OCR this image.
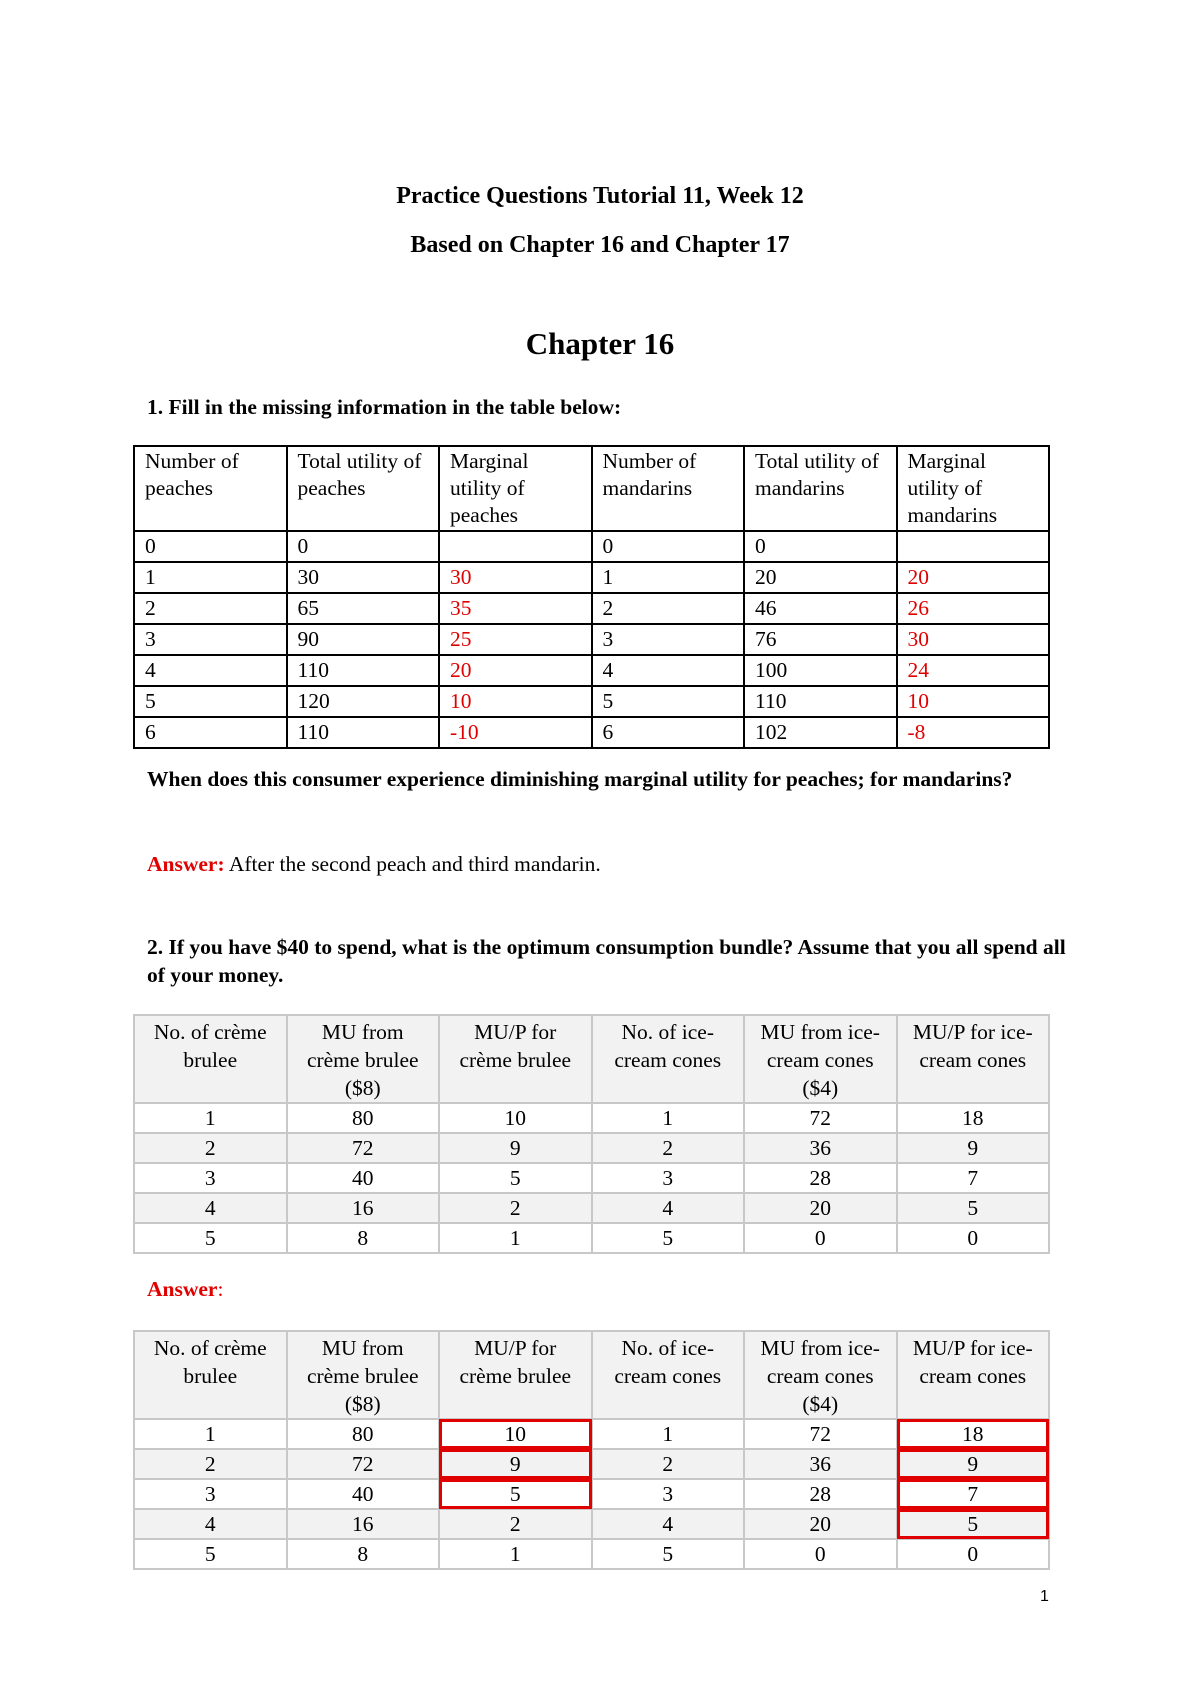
Practice Questions Tutorial 11, Week 12
Based on Chapter 16 and Chapter 17
Chapter 16
1. Fill in the missing information in the table below:
Number of peaches	Total utility of peaches	Marginal utility of peaches	Number of mandarins	Total utility of mandarins	Marginal utility of mandarins
0	0		0	0	
1	30	30	1	20	20
2	65	35	2	46	26
3	90	25	3	76	30
4	110	20	4	100	24
5	120	10	5	110	10
6	110	-10	6	102	-8
When does this consumer experience diminishing marginal utility for peaches; for mandarins?
Answer: After the second peach and third mandarin.
2. If you have $40 to spend, what is the optimum consumption bundle? Assume that you all spend all of your money.
No. of crème brulee	MU from crème brulee ($8)	MU/P for crème brulee	No. of ice-cream cones	MU from ice-cream cones ($4)	MU/P for ice-cream cones
1	80	10	1	72	18
2	72	9	2	36	9
3	40	5	3	28	7
4	16	2	4	20	5
5	8	1	5	0	0
Answer:
No. of crème brulee	MU from crème brulee ($8)	MU/P for crème brulee	No. of ice-cream cones	MU from ice-cream cones ($4)	MU/P for ice-cream cones
1	80	10	1	72	18
2	72	9	2	36	9
3	40	5	3	28	7
4	16	2	4	20	5
5	8	1	5	0	0
1
